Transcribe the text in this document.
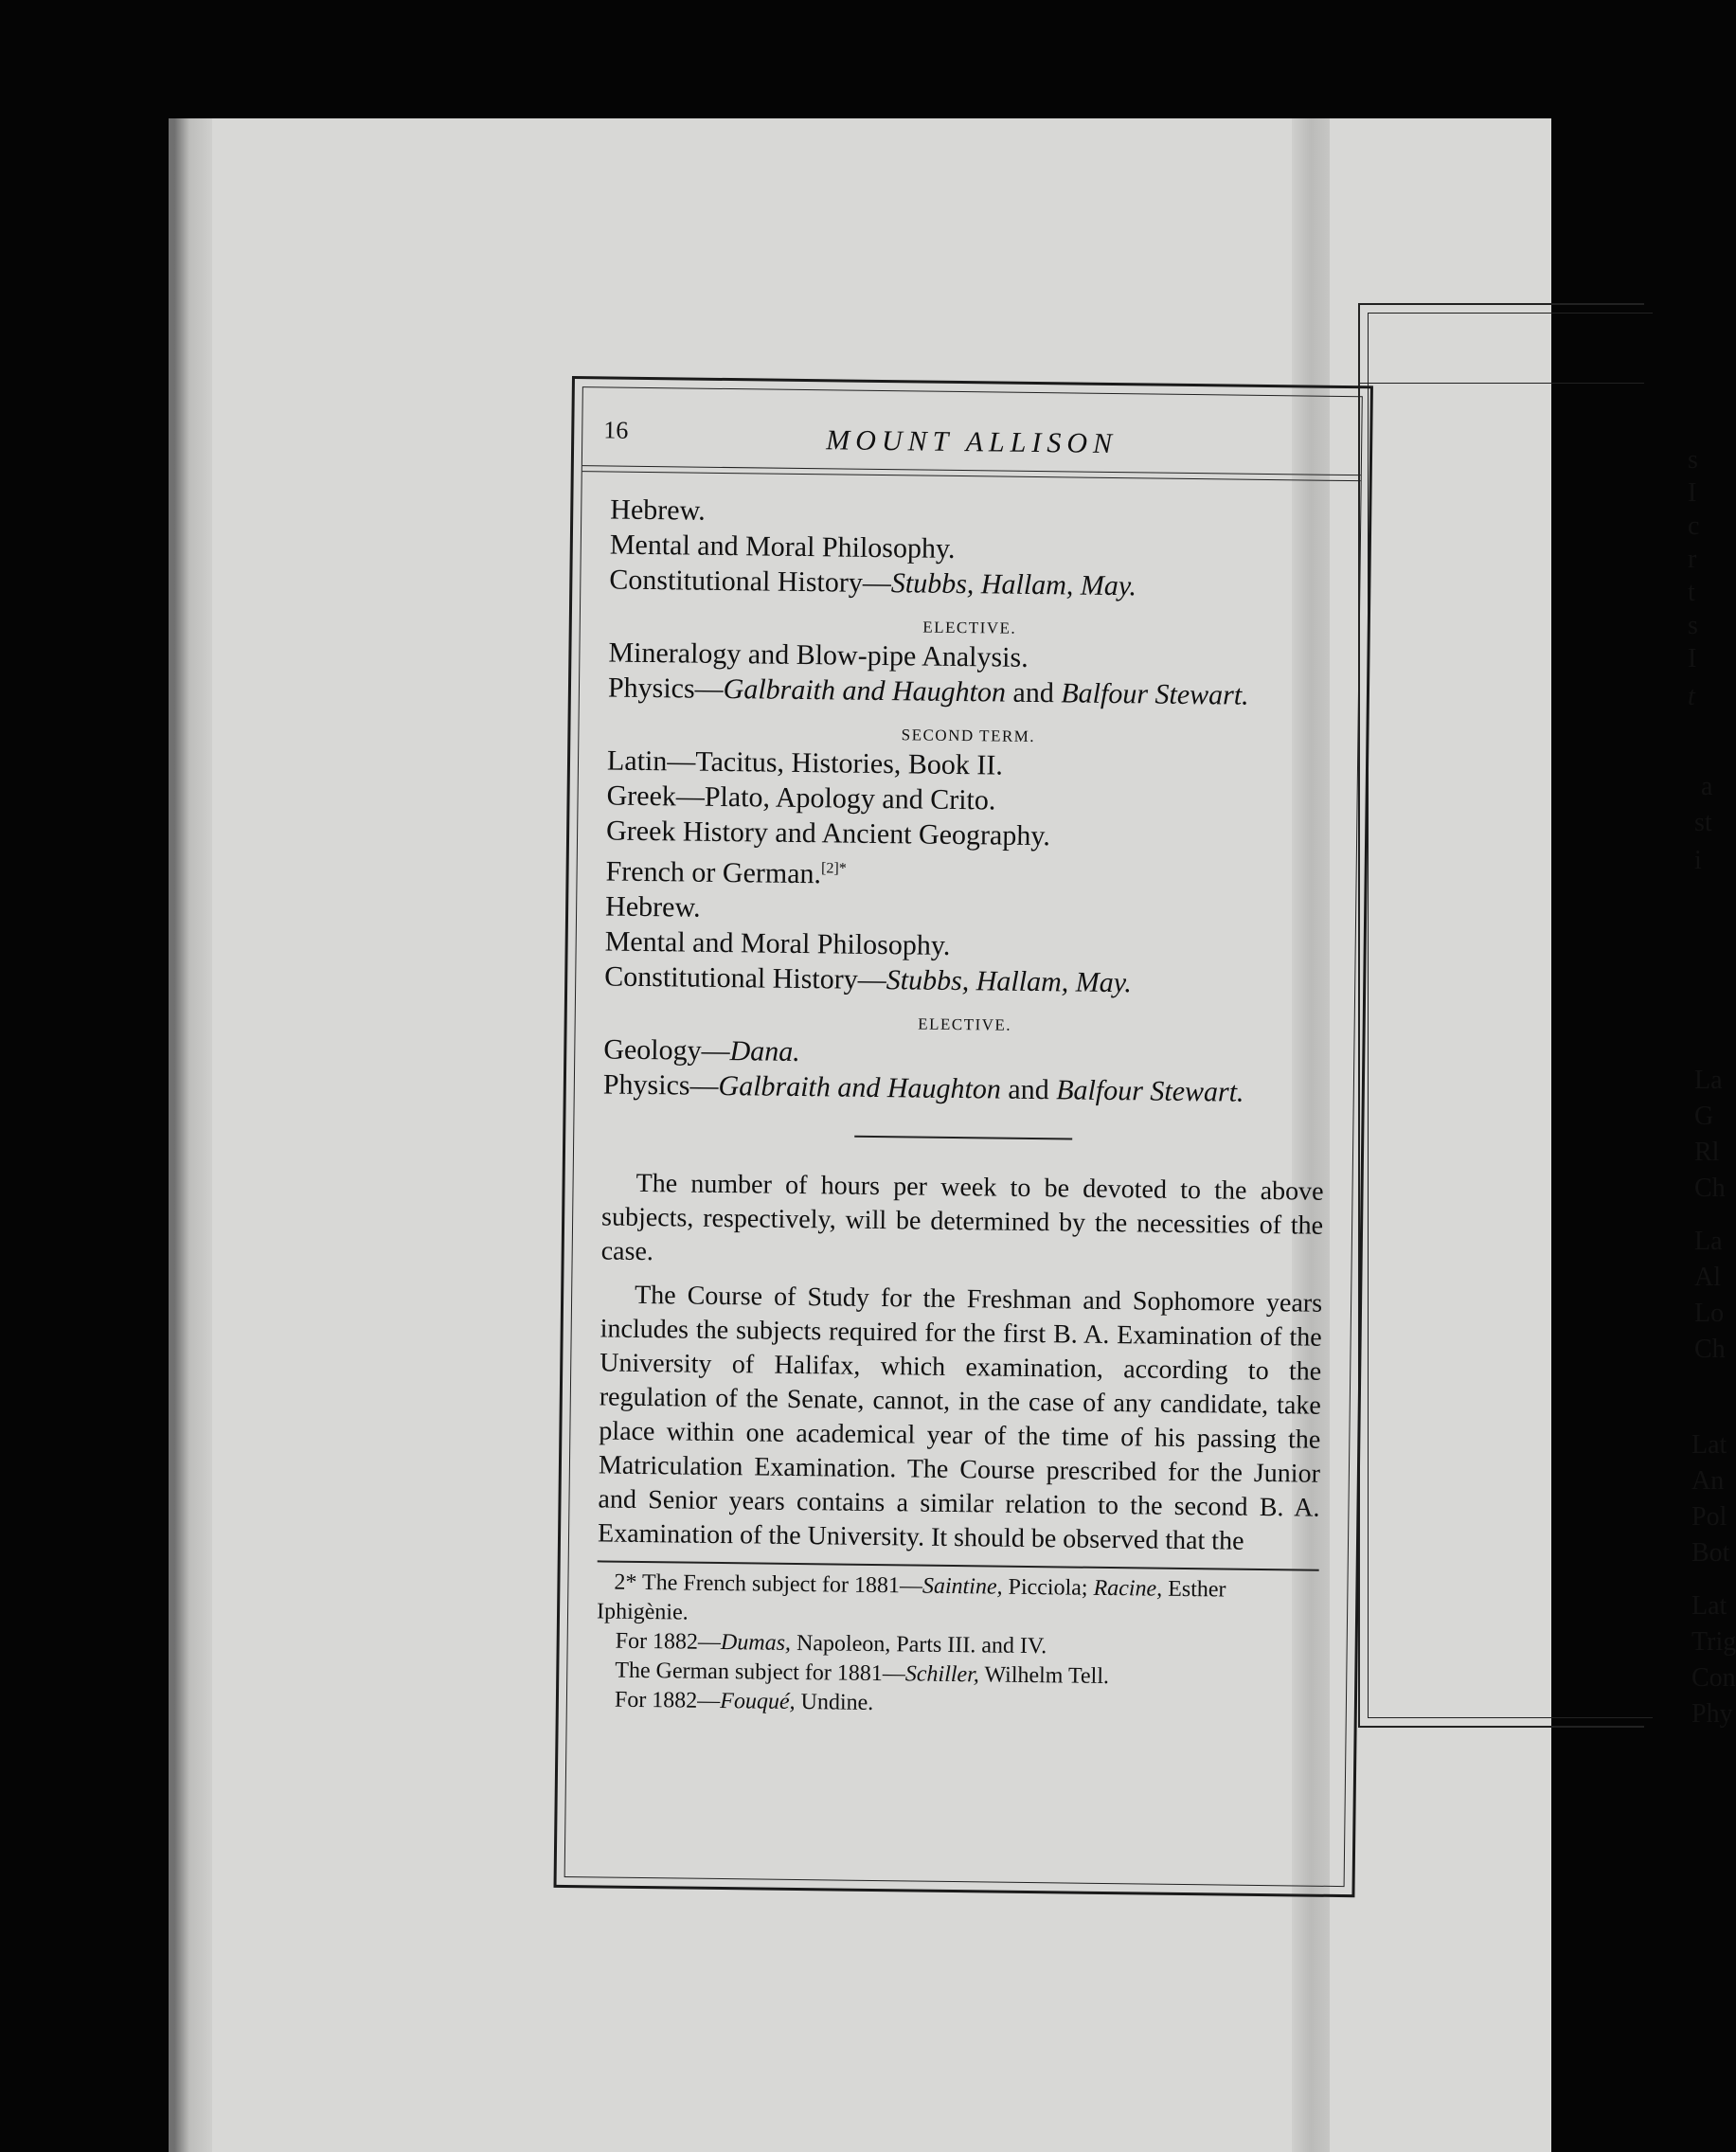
s
I
c
r
t
s
I
t
a
st
i
La
G
Rl
Ch
La
Al
Lo
Ch
Lat
An
Pol
Bot
Lat
Trig
Con
Phy
16	MOUNT ALLISON
Hebrew.
Mental and Moral Philosophy.
Constitutional History—Stubbs, Hallam, May.
ELECTIVE.
Mineralogy and Blow-pipe Analysis.
Physics—Galbraith and Haughton and Balfour Stewart.
SECOND TERM.
Latin—Tacitus, Histories, Book II.
Greek—Plato, Apology and Crito.
Greek History and Ancient Geography.
French or German.$^{[2]*}$
Hebrew.
Mental and Moral Philosophy.
Constitutional History—Stubbs, Hallam, May.
ELECTIVE.
Geology—Dana.
Physics—Galbraith and Haughton and Balfour Stewart.
The number of hours per week to be devoted to the above subjects, respectively, will be determined by the necessities of the case.
The Course of Study for the Freshman and Sophomore years includes the subjects required for the first B. A. Examination of the University of Halifax, which examination, according to the regulation of the Senate, cannot, in the case of any candidate, take place within one academical year of the time of his passing the Matriculation Examination. The Course prescribed for the Junior and Senior years contains a similar relation to the second B. A. Examination of the University. It should be observed that the
2* The French subject for 1881—Saintine, Picciola; Racine, Esther Iphigènie.
For 1882—Dumas, Napoleon, Parts III. and IV.
The German subject for 1881—Schiller, Wilhelm Tell.
For 1882—Fouqué, Undine.
